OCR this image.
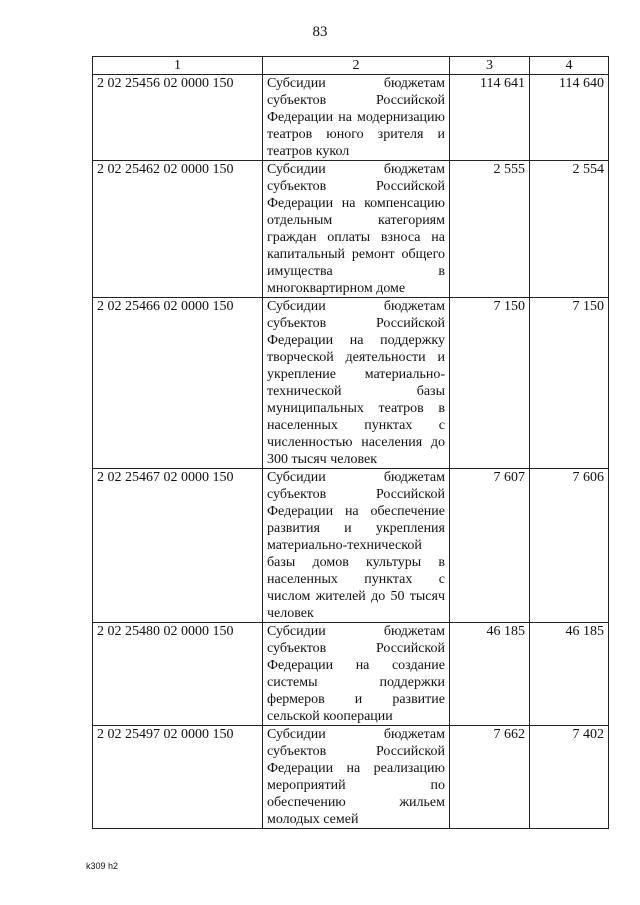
83
1	2	3	4
2 02 25456 02 0000 150	Субсидии бюджетам субъектов Российской Федерации на модернизацию театров юного зрителя и театров кукол	114 641	114 640
2 02 25462 02 0000 150	Субсидии бюджетам субъектов Российской Федерации на компенсацию отдельным категориям граждан оплаты взноса на капитальный ремонт общего имущества в многоквартирном доме	2 555	2 554
2 02 25466 02 0000 150	Субсидии бюджетам субъектов Российской Федерации на поддержку творческой деятельности и укрепление материально-технической базы муниципальных театров в населенных пунктах с численностью населения до 300 тысяч человек	7 150	7 150
2 02 25467 02 0000 150	Субсидии бюджетам субъектов Российской Федерации на обеспечение развития и укрепления материально-технической базы домов культуры в населенных пунктах с числом жителей до 50 тысяч человек	7 607	7 606
2 02 25480 02 0000 150	Субсидии бюджетам субъектов Российской Федерации на создание системы поддержки фермеров и развитие сельской кооперации	46 185	46 185
2 02 25497 02 0000 150	Субсидии бюджетам субъектов Российской Федерации на реализацию мероприятий по обеспечению жильем молодых семей	7 662	7 402
k309 h2
